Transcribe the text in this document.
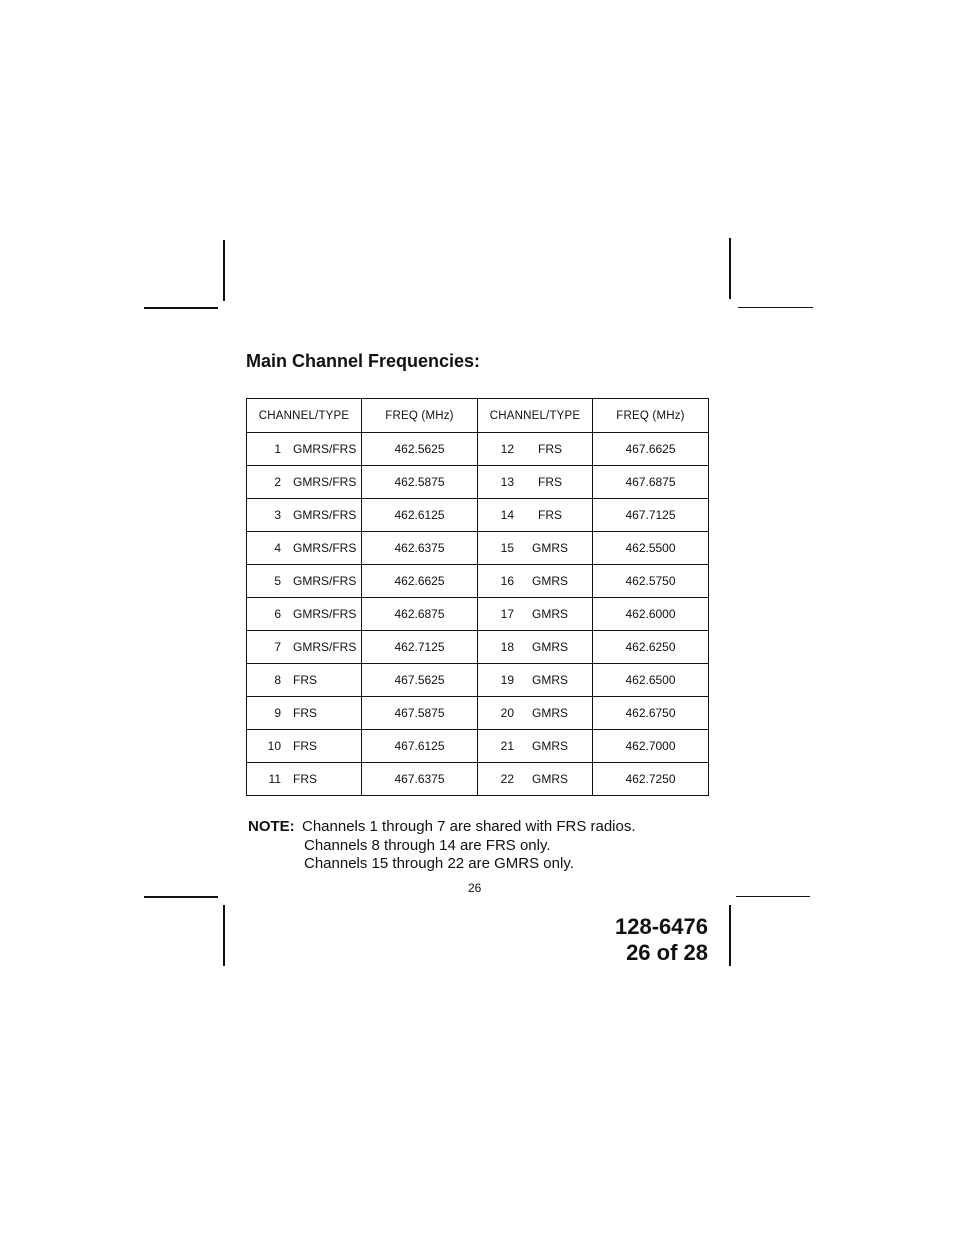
Main Channel Frequencies:
CHANNEL/TYPE	FREQ (MHz)	CHANNEL/TYPE	FREQ (MHz)

1 GMRS/FRS	462.5625	12 FRS	467.6625

2 GMRS/FRS	462.5875	13 FRS	467.6875

3 GMRS/FRS	462.6125	14 FRS	467.7125

4 GMRS/FRS	462.6375	15 GMRS	462.5500

5 GMRS/FRS	462.6625	16 GMRS	462.5750

6 GMRS/FRS	462.6875	17 GMRS	462.6000

7 GMRS/FRS	462.7125	18 GMRS	462.6250

8 FRS	467.5625	19 GMRS	462.6500

9 FRS	467.5875	20 GMRS	462.6750

10 FRS	467.6125	21 GMRS	462.7000

11 FRS	467.6375	22 GMRS	462.7250
NOTE: Channels 1 through 7 are shared with FRS radios.
Channels 8 through 14 are FRS only.
Channels 15 through 22 are GMRS only.
26
128-6476
26 of 28
